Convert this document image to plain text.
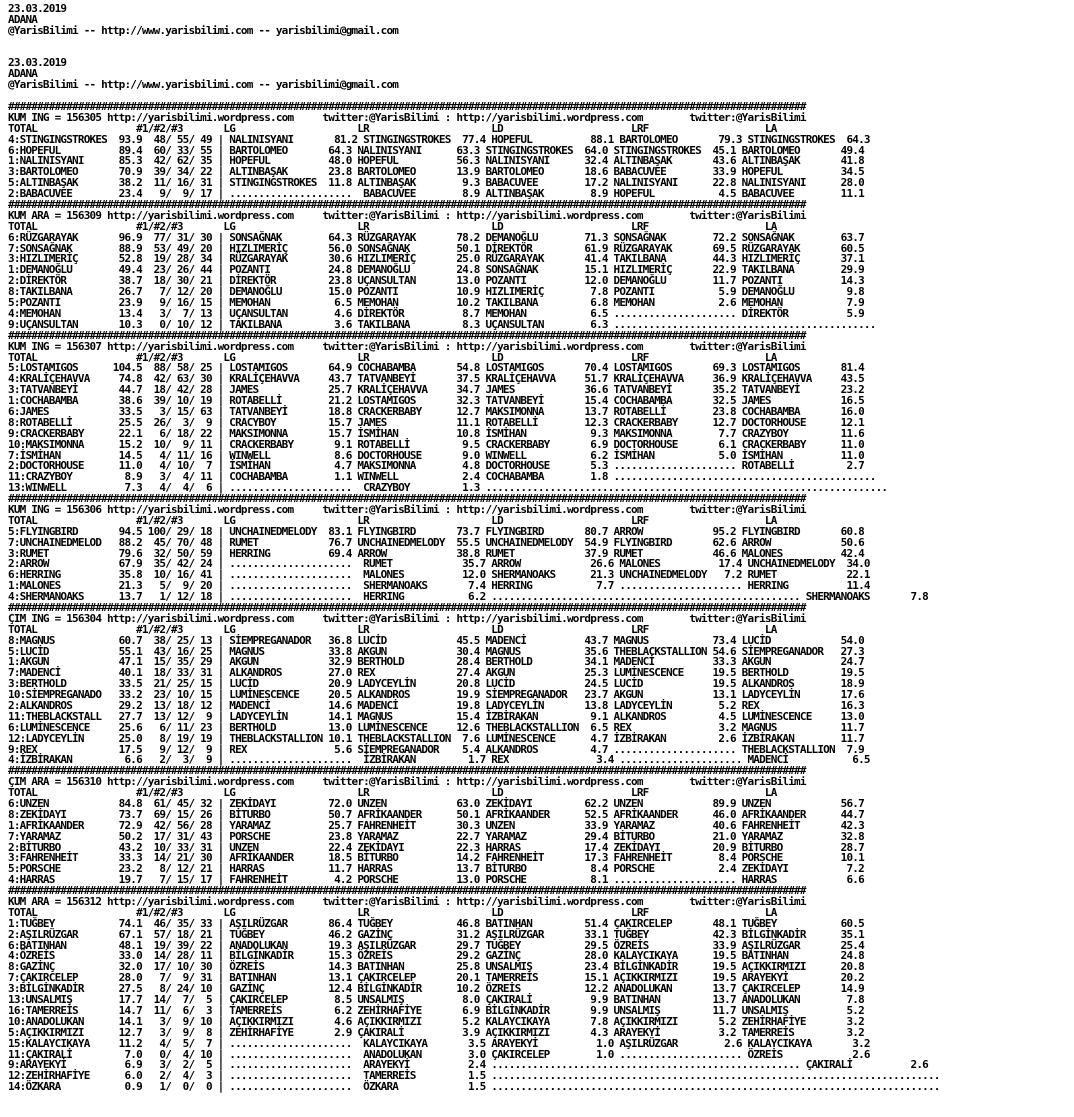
23.03.2019
ADANA
@YarisBilimi -- http://www.yarisbilimi.com -- yarisbilimi@gmail.com
23.03.2019
ADANA
@YarisBilimi -- http://www.yarisbilimi.com -- yarisbilimi@gmail.com
#########################################################################################################################################
KUM ING = 156305 http://yarisbilimi.wordpress.com     twitter:@YarisBilimi : http://yarisbilimi.wordpress.com        twitter:@YarisBilimi
TOTAL                 #1/#2/#3       LG                     LR                     LD                      LRF                    LA
4:STINGINGSTROKES  93.9  48/ 55/ 49 | NALINISYANI       81.2 STINGINGSTROKES  77.4 HOPEFUL          88.1 BARTOLOMEO       79.3 STINGINGSTROKES  64.3
6:HOPEFUL          89.4  60/ 33/ 55 | BARTOLOMEO       64.3 NALINISYANI      63.3 STINGINGSTROKES  64.0 STINGINGSTROKES  45.1 BARTOLOMEO       49.4
1:NALINISYANI      85.3  42/ 62/ 35 | HOPEFUL          48.0 HOPEFUL          56.3 NALINISYANI      32.4 ALTINBAŞAK       43.6 ALTINBAŞAK       41.8
3:BARTOLOMEO       70.9  39/ 34/ 22 | ALTINBAŞAK       23.8 BARTOLOMEO       13.9 BARTOLOMEO       18.6 BABACUVEE        33.9 HOPEFUL          34.5
5:ALTINBAŞAK       38.2  11/ 16/ 31 | STINGINGSTROKES  11.8 ALTINBAŞAK        9.3 BABACUVEE        17.2 NALINISYANI      22.8 NALINISYANI      28.0
2:BABACUVEE        23.4   9/  9/ 17 | .....................  BABACUVEE        8.9 ALTINBAŞAK        8.9 HOPEFUL           4.5 BABACUVEE        11.1
#########################################################################################################################################
KUM ARA = 156309 http://yarisbilimi.wordpress.com     twitter:@YarisBilimi : http://yarisbilimi.wordpress.com        twitter:@YarisBilimi
TOTAL                 #1/#2/#3       LG                     LR                     LD                      LRF                    LA
6:RÜZGARAYAK       96.9  77/ 31/ 30 | SONSAĞNAK        64.3 RÜZGARAYAK       78.2 DEMANOĞLU        71.3 SONSAĞNAK        72.2 SONSAĞNAK        63.7
7:SONSAĞNAK        88.9  53/ 49/ 20 | HIZLIMERİÇ       56.0 SONSAĞNAK        50.1 DİREKTÖR         61.9 RÜZGARAYAK       69.5 RÜZGARAYAK       60.5
3:HIZLIMERİÇ       52.8  19/ 28/ 34 | RÜZGARAYAK       30.6 HIZLIMERİÇ       25.0 RÜZGARAYAK       41.4 TAKILBANA        44.3 HIZLIMERİÇ       37.1
1:DEMANOĞLU        49.4  23/ 26/ 44 | POZANTI          24.8 DEMANOĞLU        24.8 SONSAĞNAK        15.1 HIZLIMERİÇ       22.9 TAKILBANA        29.9
2:DİREKTÖR         38.7  18/ 30/ 21 | DİREKTÖR         23.8 UÇANSULTAN       13.0 POZANTI          12.0 DEMANOĞLU        11.7 POZANTI          14.3
8:TAKILBANA        26.7   7/ 12/ 20 | DEMANOĞLU        15.0 POZANTI          10.9 HIZLIMERİÇ        7.8 POZANTI           5.9 DEMANOĞLU         9.8
5:POZANTI          23.9   9/ 16/ 15 | MEMOHAN           6.5 MEMOHAN          10.2 TAKILBANA         6.8 MEMOHAN           2.6 MEMOHAN           7.9
4:MEMOHAN          13.4   3/  7/ 13 | UÇANSULTAN        4.6 DİREKTÖR          8.7 MEMOHAN           6.5 ..................... DİREKTÖR          5.9
9:UÇANSULTAN       10.3   0/ 10/ 12 | TAKILBANA         3.6 TAKILBANA         8.3 UÇANSULTAN        6.3 .............................................
#########################################################################################################################################
KUM ING = 156307 http://yarisbilimi.wordpress.com     twitter:@YarisBilimi : http://yarisbilimi.wordpress.com        twitter:@YarisBilimi
TOTAL                 #1/#2/#3       LG                     LR                     LD                      LRF                    LA
5:LOSTAMIGOS      104.5  88/ 58/ 25 | LOSTAMIGOS       64.9 COCHABAMBA       54.8 LOSTAMIGOS       70.4 LOSTAMIGOS       69.3 LOSTAMIGOS       81.4
4:KRALİÇEHAVVA     74.8  42/ 63/ 30 | KRALİÇEHAVVA     43.7 TATVANBEYİ       37.5 KRALİÇEHAVVA     51.7 KRALİÇEHAVVA     36.9 KRALİÇEHAVVA     43.5
3:TATVANBEYİ       44.7  18/ 42/ 28 | JAMES            25.7 KRALİÇEHAVVA     34.7 JAMES            36.6 TATVANBEYİ       35.2 TATVANBEYİ       23.2
1:COCHABAMBA       38.6  39/ 10/ 19 | ROTABELLİ        21.2 LOSTAMIGOS       32.3 TATVANBEYİ       15.4 COCHABAMBA       32.5 JAMES            16.5
6:JAMES            33.5   3/ 15/ 63 | TATVANBEYİ       18.8 CRACKERBABY      12.7 MAKSIMONNA       13.7 ROTABELLİ        23.8 COCHABAMBA       16.0
8:ROTABELLİ        25.5  26/  3/  9 | CRACYBOY         15.7 JAMES            11.1 ROTABELLİ        12.3 CRACKERBABY      12.7 DOCTORHOUSE      12.1
9:CRACKERBABY      22.1   6/ 18/ 22 | MAKSIMONNA       15.7 İSMİHAN          10.8 İSMİHAN           9.3 MAKSIMONNA        7.7 CRAZYBOY         11.6
10:MAKSIMONNA      15.2  10/  9/ 11 | CRACKERBABY       9.1 ROTABELLİ         9.5 CRACKERBABY       6.9 DOCTORHOUSE       6.1 CRACKERBABY      11.0
7:İSMİHAN          14.5   4/ 11/ 16 | WINWELL           8.6 DOCTORHOUSE       9.0 WINWELL           6.2 İSMİHAN           5.0 İSMİHAN          11.0
2:DOCTORHOUSE      11.0   4/ 10/  7 | İSMİHAN           4.7 MAKSIMONNA        4.8 DOCTORHOUSE       5.3 ..................... ROTABELLİ         2.7
11:CRAZYBOY         8.9   3/  4/ 11 | COCHABAMBA        1.1 WINWELL           2.4 COCHABAMBA        1.8 .............................................
13:WINWELL          7.3   4/  4/  6 | .....................  CRAZYBOY         1.3 .....................................................................
#########################################################################################################################################
KUM ING = 156306 http://yarisbilimi.wordpress.com     twitter:@YarisBilimi : http://yarisbilimi.wordpress.com        twitter:@YarisBilimi
TOTAL                 #1/#2/#3       LG                     LR                     LD                      LRF                    LA
5:FLYINGBIRD       94.5 100/ 29/ 18 | UNCHAINEDMELODY  83.1 FLYINGBIRD       73.7 FLYINGBIRD       80.7 ARROW            95.2 FLYINGBIRD       60.8
7:UNCHAINEDMELOD   88.2  45/ 70/ 48 | RUMET            76.7 UNCHAINEDMELODY  55.5 UNCHAINEDMELODY  54.9 FLYINGBIRD       62.6 ARROW            50.6
3:RUMET            79.6  32/ 50/ 59 | HERRING          69.4 ARROW            38.8 RUMET            37.9 RUMET            46.6 MALONES          42.4
2:ARROW            67.9  35/ 42/ 24 | .....................  RUMET            35.7 ARROW            26.6 MALONES          17.4 UNCHAINEDMELODY  34.0
6:HERRING          35.8  10/ 16/ 41 | .....................  MALONES          12.0 SHERMANOAKS      21.3 UNCHAINEDMELODY   7.2 RUMET            22.1
1:MALONES          21.3   5/  9/ 20 | .....................  SHERMANOAKS       7.4 HERRING           7.7 ..................... HERRING          11.4
4:SHERMANOAKS      13.7   1/ 12/ 18 | .....................  HERRING           6.2 ..................................................... SHERMANOAKS       7.8
#########################################################################################################################################
ÇIM ING = 156304 http://yarisbilimi.wordpress.com     twitter:@YarisBilimi : http://yarisbilimi.wordpress.com        twitter:@YarisBilimi
TOTAL                 #1/#2/#3       LG                     LR                     LD                      LRF                    LA
8:MAGNUS           60.7  38/ 25/ 13 | SİEMPREGANADOR   36.8 LUCİD            45.5 MADENCİ          43.7 MAGNUS           73.4 LUCİD            54.0
5:LUCİD            55.1  43/ 16/ 25 | MAGNUS           33.8 AKGUN            30.4 MAGNUS           35.6 THEBLACKSTALLION 54.6 SİEMPREGANADOR   27.3
1:AKGUN            47.1  15/ 35/ 29 | AKGUN            32.9 BERTHOLD         28.4 BERTHOLD         34.1 MADENCİ          33.3 AKGUN            24.7
7:MADENCİ          40.1  18/ 33/ 31 | ALKANDROS        27.0 REX              27.4 AKGUN            25.3 LUMİNESCENCE     19.5 BERTHOLD         19.5
3:BERTHOLD         33.5  21/ 25/ 15 | LUCİD            20.9 LADYCEYLİN       20.8 LUCİD            24.5 LUCİD            19.5 ALKANDROS        18.9
10:SİEMPREGANADO   33.2  23/ 10/ 15 | LUMİNESCENCE     20.5 ALKANDROS        19.9 SİEMPREGANADOR   23.7 AKGUN            13.1 LADYCEYLİN       17.6
2:ALKANDROS        29.2  13/ 18/ 12 | MADENCİ          14.6 MADENCİ          19.8 LADYCEYLİN       13.8 LADYCEYLİN        5.2 REX              16.3
11:THEBLACKSTALL   27.7  13/ 12/  9 | LADYCEYLİN       14.1 MAGNUS           15.4 İZBİRAKAN         9.1 ALKANDROS         4.5 LUMİNESCENCE     13.0
6:LUMİNESCENCE     25.6   6/ 11/ 23 | BERTHOLD         13.0 LUMİNESCENCE     12.6 THEBLACKSTALLION  6.5 REX               3.2 MAGNUS           11.7
12:LADYCEYLİN      25.0   8/ 19/ 19 | THEBLACKSTALLION 10.1 THEBLACKSTALLION  7.6 LUMİNESCENCE      4.7 İZBİRAKAN         2.6 İZBİRAKAN        11.7
9:REX              17.5   9/ 12/  9 | REX               5.6 SİEMPREGANADOR    5.4 ALKANDROS         4.7 ..................... THEBLACKSTALLION  7.9
4:İZBİRAKAN         6.6   2/  3/  9 | .....................  İZBİRAKAN         1.7 REX               3.4 ..................... MADENCİ           6.5
#########################################################################################################################################
ÇIM ARA = 156310 http://yarisbilimi.wordpress.com     twitter:@YarisBilimi : http://yarisbilimi.wordpress.com        twitter:@YarisBilimi
TOTAL                 #1/#2/#3       LG                     LR                     LD                      LRF                    LA
6:UNZEN            84.8  61/ 45/ 32 | ZEKİDAYI         72.0 UNZEN            63.0 ZEKİDAYI         62.2 UNZEN            89.9 UNZEN            56.7
8:ZEKİDAYI         73.7  69/ 15/ 26 | BİTURBO          50.7 AFRİKAANDER      50.1 AFRİKAANDER      52.5 AFRİKAANDER      46.0 AFRİKAANDER      44.7
1:AFRİKAANDER      72.9  42/ 56/ 28 | YARAMAZ          25.7 FAHRENHEİT       30.3 UNZEN            33.9 YARAMAZ          40.6 FAHRENHEİT       42.3
7:YARAMAZ          50.2  17/ 31/ 43 | PORSCHE          23.8 YARAMAZ          22.7 YARAMAZ          29.4 BİTURBO          21.0 YARAMAZ          32.8
2:BİTURBO          43.2  10/ 33/ 31 | UNZEN            22.4 ZEKİDAYI         22.3 HARRAS           17.4 ZEKİDAYI         20.9 BİTURBO          28.7
3:FAHRENHEİT       33.3  14/ 21/ 30 | AFRİKAANDER      18.5 BİTURBO          14.2 FAHRENHEİT       17.3 FAHRENHEİT        8.4 PORSCHE          10.1
5:PORSCHE          23.2   8/ 12/ 21 | HARRAS           11.7 HARRAS           13.7 BİTURBO           8.4 PORSCHE           2.4 ZEKİDAYI          7.2
4:HARRAS           19.7   7/ 15/ 17 | FAHRENHEİT        4.2 PORSCHE          13.0 PORSCHE           8.1 ..................... HARRAS            6.6
#########################################################################################################################################
KUM ARA = 156312 http://yarisbilimi.wordpress.com     twitter:@YarisBilimi : http://yarisbilimi.wordpress.com        twitter:@YarisBilimi
TOTAL                 #1/#2/#3       LG                     LR                     LD                      LRF                    LA
1:TUĞBEY           74.1  46/ 35/ 33 | AŞILRÜZGAR       86.4 TUĞBEY           46.8 BATINHAN         51.4 ÇAKIRCELEP       48.1 TUĞBEY           60.5
2:AŞILRÜZGAR       67.1  57/ 18/ 21 | TUĞBEY           46.2 GAZİNÇ           31.2 AŞILRÜZGAR       33.1 TUĞBEY           42.3 BİLGİNKADİR      35.1
6:BATINHAN         48.1  19/ 39/ 22 | ANADOLUKAN       19.3 AŞILRÜZGAR       29.7 TUĞBEY           29.5 ÖZREİS           33.9 AŞILRÜZGAR       25.4
4:ÖZREİS           33.0  14/ 28/ 11 | BİLGİNKADİR      15.3 ÖZREİS           29.2 GAZİNÇ           28.0 KALAYCIKAYA      19.5 BATINHAN         24.8
8:GAZİNÇ           32.0  17/ 10/ 30 | ÖZREİS           14.3 BATINHAN         25.8 UNSALMIŞ         23.4 BİLGİNKADİR      19.5 AÇIKKIRMIZI      20.8
7:ÇAKIRCELEP       28.0   7/  9/ 31 | BATINHAN         13.1 ÇAKIRCELEP       20.1 TAMERREİS        15.1 AÇIKKIRMIZI      19.5 ARAYEKYİ         20.2
3:BİLGİNKADİR      27.5   8/ 24/ 10 | GAZİNÇ           12.4 BİLGİNKADİR      10.2 ÖZREİS           12.2 ANADOLUKAN       13.7 ÇAKIRCELEP       14.9
13:UNSALMIŞ        17.7  14/  7/  5 | ÇAKIRCELEP        8.5 UNSALMIŞ          8.0 ÇAKIRALİ          9.9 BATINHAN         13.7 ANADOLUKAN        7.8
16:TAMERREİS       14.7  11/  6/  3 | TAMERREİS         6.2 ZEHİRHAFİYE       6.9 BİLGİNKADİR       9.9 UNSALMIŞ         11.7 UNSALMIŞ          5.2
10:ANADOLUKAN      14.1   3/  9/ 10 | AÇIKKIRMIZI       4.6 AÇIKKIRMIZI       5.2 KALAYCIKAYA       7.8 AÇIKKIRMIZI       5.2 ZEHİRHAFİYE       3.2
5:AÇIKKIRMIZI      12.7   3/  9/  8 | ZEHİRHAFİYE       2.9 ÇAKIRALİ          3.9 AÇIKKIRMIZI       4.3 ARAYEKYİ          3.2 TAMERREİS         3.2
15:KALAYCIKAYA     11.2   4/  5/  7 | .....................  KALAYCIKAYA       3.5 ARAYEKYİ          1.0 AŞILRÜZGAR        2.6 KALAYCIKAYA       3.2
11:ÇAKIRALİ         7.0   0/  4/ 10 | .....................  ANADOLUKAN        3.0 ÇAKIRCELEP        1.0 ..................... ÖZREİS            2.6
9:ARAYEKYİ          6.9   3/  2/  5 | .....................  ARAYEKYİ          2.4 ..................................................... ÇAKIRALİ          2.6
12:ZEHİRHAFİYE      6.0   2/  4/  3 | .....................  TAMERREİS         1.5 .............................................................................
14:ÖZKARA           0.9   1/  0/  0 | .....................  ÖZKARA            1.5 .............................................................................
